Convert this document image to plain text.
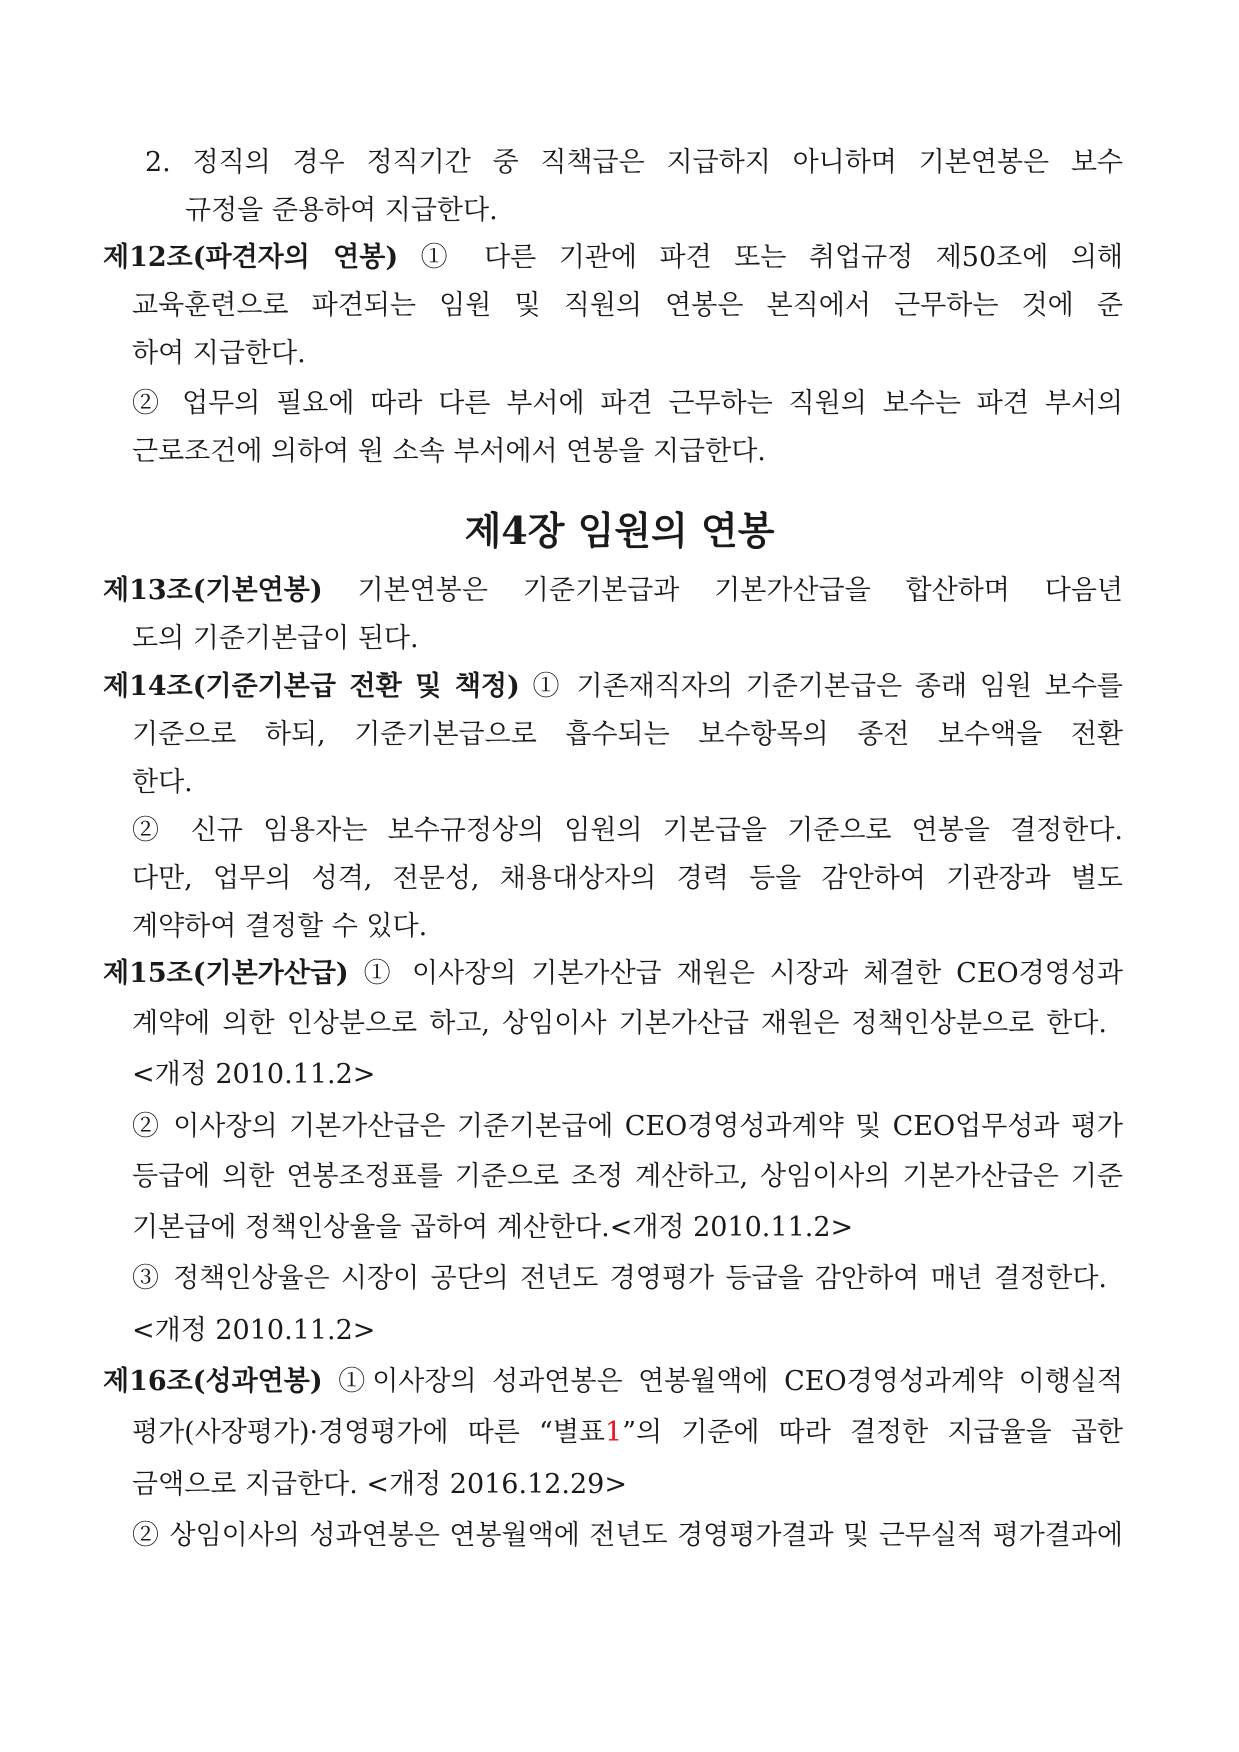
2. 정직의 경우 정직기간 중 직책급은 지급하지 아니하며 기본연봉은 보수
규정을 준용하여 지급한다.
제12조(파견자의 연봉) ① 다른 기관에 파견 또는 취업규정 제50조에 의해
교육훈련으로 파견되는 임원 및 직원의 연봉은 본직에서 근무하는 것에 준
하여 지급한다.
② 업무의 필요에 따라 다른 부서에 파견 근무하는 직원의 보수는 파견 부서의
근로조건에 의하여 원 소속 부서에서 연봉을 지급한다.
제4장 임원의 연봉
제13조(기본연봉) 기본연봉은 기준기본급과 기본가산급을 합산하며 다음년
도의 기준기본급이 된다.
제14조(기준기본급 전환 및 책정) ① 기존재직자의 기준기본급은 종래 임원 보수를
기준으로 하되, 기준기본급으로 흡수되는 보수항목의 종전 보수액을 전환
한다.
② 신규 임용자는 보수규정상의 임원의 기본급을 기준으로 연봉을 결정한다.
다만, 업무의 성격, 전문성, 채용대상자의 경력 등을 감안하여 기관장과 별도
계약하여 결정할 수 있다.
제15조(기본가산급) ① 이사장의 기본가산급 재원은 시장과 체결한 CEO경영성과
계약에 의한 인상분으로 하고, 상임이사 기본가산급 재원은 정책인상분으로 한다.
<개정 2010.11.2>
② 이사장의 기본가산급은 기준기본급에 CEO경영성과계약 및 CEO업무성과 평가
등급에 의한 연봉조정표를 기준으로 조정 계산하고, 상임이사의 기본가산급은 기준
기본급에 정책인상율을 곱하여 계산한다.<개정 2010.11.2>
③ 정책인상율은 시장이 공단의 전년도 경영평가 등급을 감안하여 매년 결정한다.
<개정 2010.11.2>
제16조(성과연봉) ①이사장의 성과연봉은 연봉월액에 CEO경영성과계약 이행실적
평가(사장평가)·경영평가에 따른 “별표1”의 기준에 따라 결정한 지급율을 곱한
금액으로 지급한다. <개정 2016.12.29>
② 상임이사의 성과연봉은 연봉월액에 전년도 경영평가결과 및 근무실적 평가결과에
